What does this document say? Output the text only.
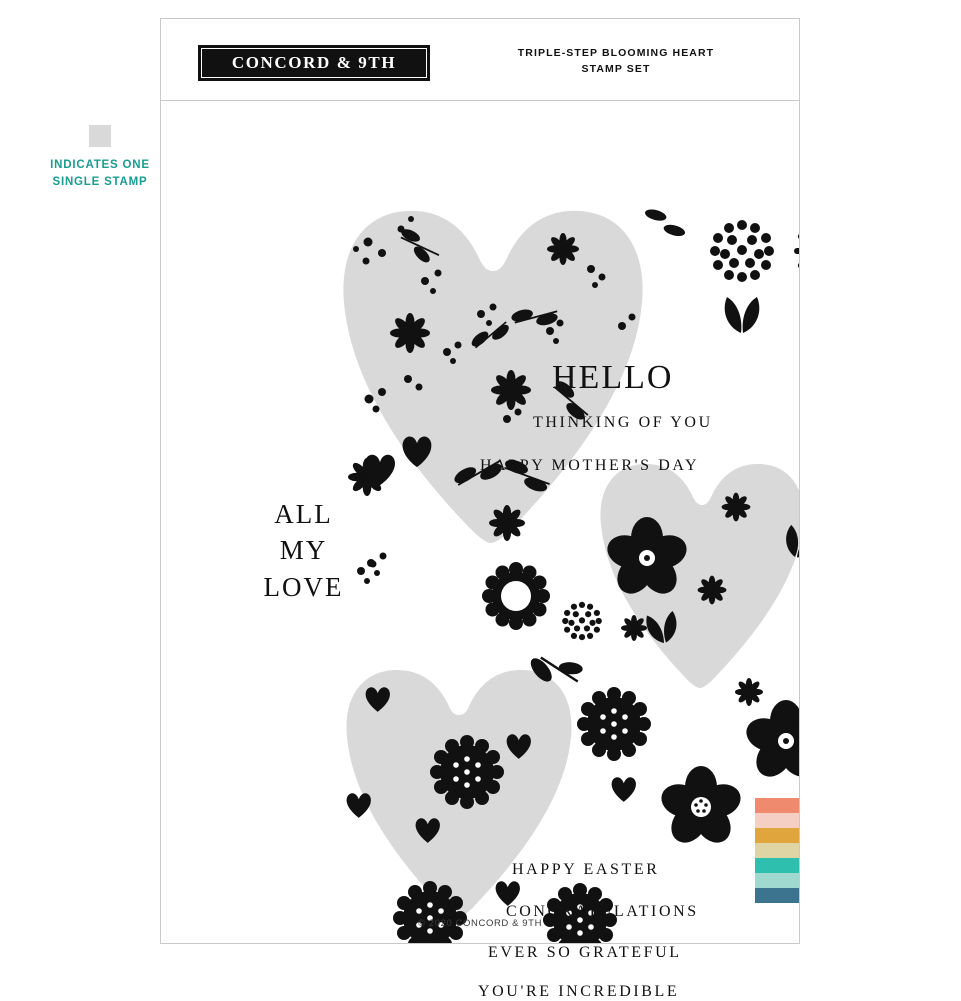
INDICATES ONE
SINGLE STAMP
CONCORD & 9TH	TRIPLE-STEP BLOOMING HEART
STAMP SET
HELLO
THINKING OF YOU
HAPPY MOTHER'S DAY
ALL
MY
LOVE
HAPPY EASTER
CONGRATULATIONS
EVER SO GRATEFUL
YOU'RE INCREDIBLE
© 2020 CONCORD & 9TH
